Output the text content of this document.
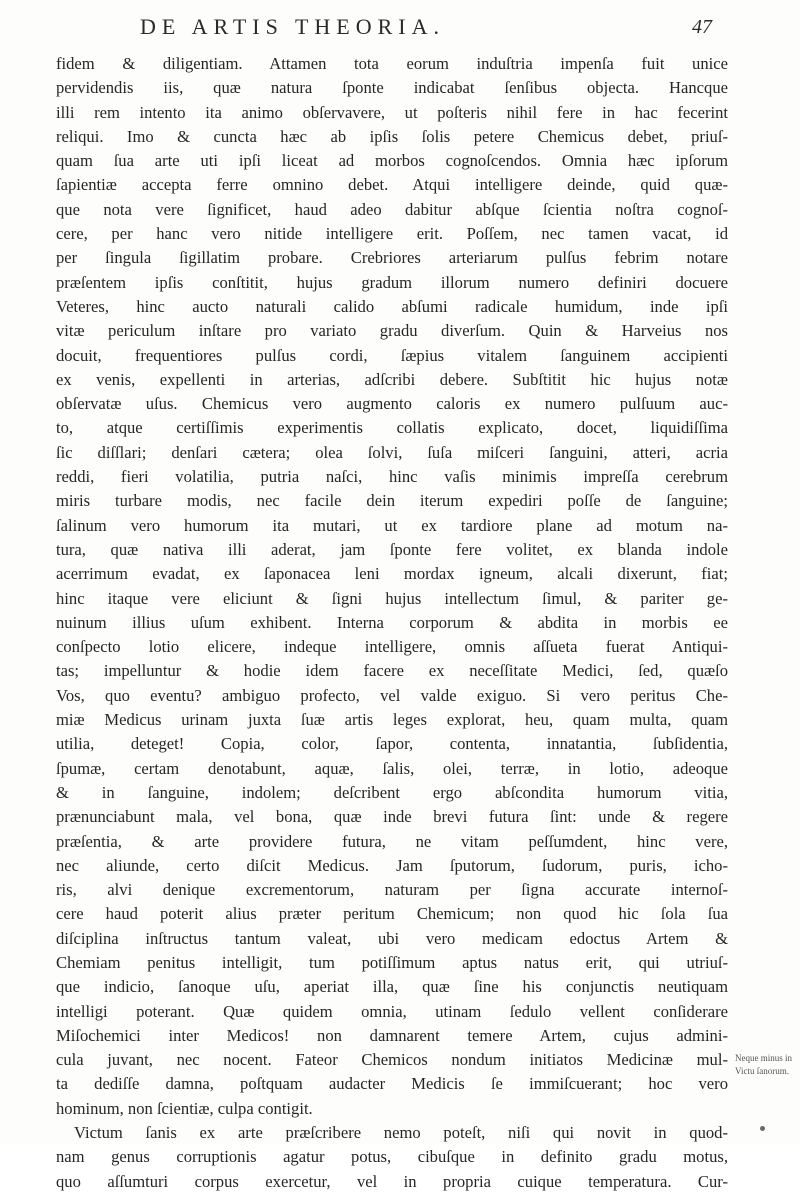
DE ARTIS THEORIA.	47
fidem & diligentiam. Attamen tota eorum induſtria impenſa fuit unice
pervidendis iis, quæ natura ſponte indicabat ſenſibus objecta. Hancque
illi rem intento ita animo obſervavere, ut poſteris nihil fere in hac fecerint
reliqui. Imo & cuncta hæc ab ipſis ſolis petere Chemicus debet, priuſ-
quam ſua arte uti ipſi liceat ad morbos cognoſcendos. Omnia hæc ipſorum
ſapientiæ accepta ferre omnino debet. Atqui intelligere deinde, quid quæ-
que nota vere ſignificet, haud adeo dabitur abſque ſcientia noſtra cognoſ-
cere, per hanc vero nitide intelligere erit. Poſſem, nec tamen vacat, id
per ſingula ſigillatim probare. Crebriores arteriarum pulſus febrim notare
præſentem ipſis conſtitit, hujus gradum illorum numero definiri docuere
Veteres, hinc aucto naturali calido abſumi radicale humidum, inde ipſi
vitæ periculum inſtare pro variato gradu diverſum. Quin & Harveius nos
docuit, frequentiores pulſus cordi, ſæpius vitalem ſanguinem accipienti
ex venis, expellenti in arterias, adſcribi debere. Subſtitit hic hujus notæ
obſervatæ uſus. Chemicus vero augmento caloris ex numero pulſuum auc-
to, atque certiſſimis experimentis collatis explicato, docet, liquidiſſima
ſic diſſlari; denſari cætera; olea ſolvi, ſuſa miſceri ſanguini, atteri, acria
reddi, fieri volatilia, putria naſci, hinc vaſis minimis impreſſa cerebrum
miris turbare modis, nec facile dein iterum expediri poſſe de ſanguine;
ſalinum vero humorum ita mutari, ut ex tardiore plane ad motum na-
tura, quæ nativa illi aderat, jam ſponte fere volitet, ex blanda indole
acerrimum evadat, ex ſaponacea leni mordax igneum, alcali dixerunt, fiat;
hinc itaque vere eliciunt & ſigni hujus intellectum ſimul, & pariter ge-
nuinum illius uſum exhibent. Interna corporum & abdita in morbis ee
conſpecto lotio elicere, indeque intelligere, omnis aſſueta fuerat Antiqui-
tas; impelluntur & hodie idem facere ex neceſſitate Medici, ſed, quæſo
Vos, quo eventu? ambiguo profecto, vel valde exiguo. Si vero peritus Che-
miæ Medicus urinam juxta ſuæ artis leges explorat, heu, quam multa, quam
utilia, deteget! Copia, color, ſapor, contenta, innatantia, ſubſidentia,
ſpumæ, certam denotabunt, aquæ, ſalis, olei, terræ, in lotio, adeoque
& in ſanguine, indolem; deſcribent ergo abſcondita humorum vitia,
prænunciabunt mala, vel bona, quæ inde brevi futura ſint: unde & regere
præſentia, & arte providere futura, ne vitam peſſumdent, hinc vere,
nec aliunde, certo diſcit Medicus. Jam ſputorum, ſudorum, puris, icho-
ris, alvi denique excrementorum, naturam per ſigna accurate internoſ-
cere haud poterit alius præter peritum Chemicum; non quod hic ſola ſua
diſciplina inſtructus tantum valeat, ubi vero medicam edoctus Artem &
Chemiam penitus intelligit, tum potiſſimum aptus natus erit, qui utriuſ-
que indicio, ſanoque uſu, aperiat illa, quæ ſine his conjunctis neutiquam
intelligi poterant. Quæ quidem omnia, utinam ſedulo vellent conſiderare
Miſochemici inter Medicos! non damnarent temere Artem, cujus admini-
cula juvant, nec nocent. Fateor Chemicos nondum initiatos Medicinæ mul-
ta dediſſe damna, poſtquam audacter Medicis ſe immiſcuerant; hoc vero
hominum, non ſcientiæ, culpa contigit.
Victum ſanis ex arte præſcribere nemo poteſt, niſi qui novit in quod-
nam genus corruptionis agatur potus, cibuſque in definito gradu motus,
quo aſſumturi corpus exercetur, vel in propria cuique temperatura. Cur-
Neque minus in
Victu ſanorum.
